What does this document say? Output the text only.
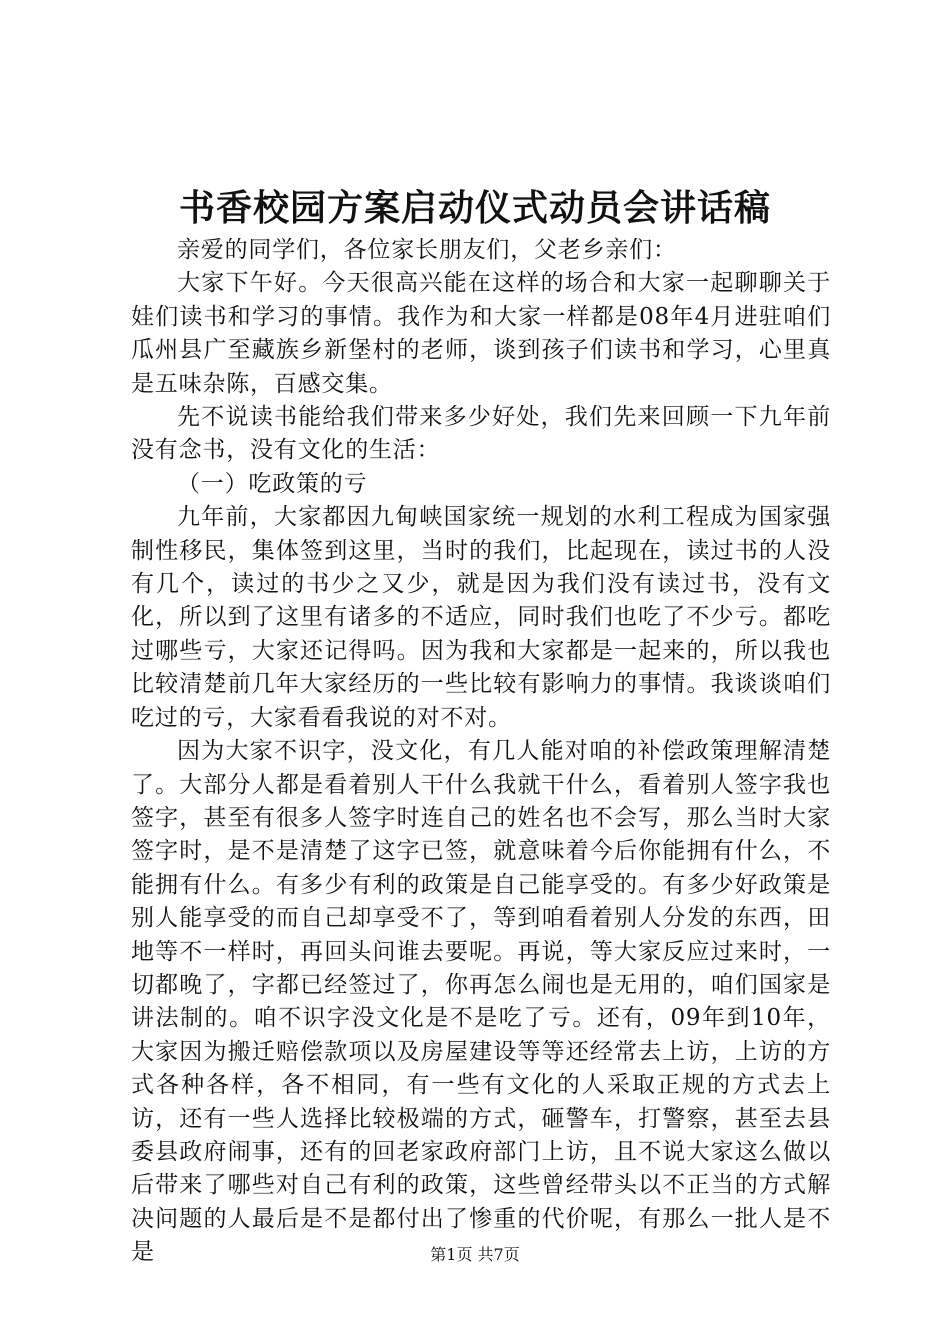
书香校园方案启动仪式动员会讲话稿

亲爱的同学们，各位家长朋友们，父老乡亲们：

大家下午好。今天很高兴能在这样的场合和大家一起聊聊关于娃们读书和学习的事情。我作为和大家一样都是08年4月进驻咱们瓜州县广至藏族乡新堡村的老师，谈到孩子们读书和学习，心里真是五味杂陈，百感交集。

先不说读书能给我们带来多少好处，我们先来回顾一下九年前没有念书，没有文化的生活：

（一）吃政策的亏

九年前，大家都因九甸峡国家统一规划的水利工程成为国家强制性移民，集体签到这里，当时的我们，比起现在，读过书的人没有几个，读过的书少之又少，就是因为我们没有读过书，没有文化，所以到了这里有诸多的不适应，同时我们也吃了不少亏。都吃过哪些亏，大家还记得吗。因为我和大家都是一起来的，所以我也比较清楚前几年大家经历的一些比较有影响力的事情。我谈谈咱们吃过的亏，大家看看我说的对不对。

因为大家不识字，没文化，有几人能对咱的补偿政策理解清楚了。大部分人都是看着别人干什么我就干什么，看着别人签字我也签字，甚至有很多人签字时连自己的姓名也不会写，那么当时大家签字时，是不是清楚了这字已签，就意味着今后你能拥有什么，不能拥有什么。有多少有利的政策是自己能享受的。有多少好政策是别人能享受的而自己却享受不了，等到咱看着别人分发的东西，田地等不一样时，再回头问谁去要呢。再说，等大家反应过来时，一切都晚了，字都已经签过了，你再怎么闹也是无用的，咱们国家是讲法制的。咱不识字没文化是不是吃了亏。还有，09年到10年，大家因为搬迁赔偿款项以及房屋建设等等还经常去上访，上访的方式各种各样，各不相同，有一些有文化的人采取正规的方式去上访，还有一些人选择比较极端的方式，砸警车，打警察，甚至去县委县政府闹事，还有的回老家政府部门上访，且不说大家这么做以后带来了哪些对自己有利的政策，这些曾经带头以不正当的方式解决问题的人最后是不是都付出了惨重的代价呢，有那么一批人是不是	第1页 共7页
